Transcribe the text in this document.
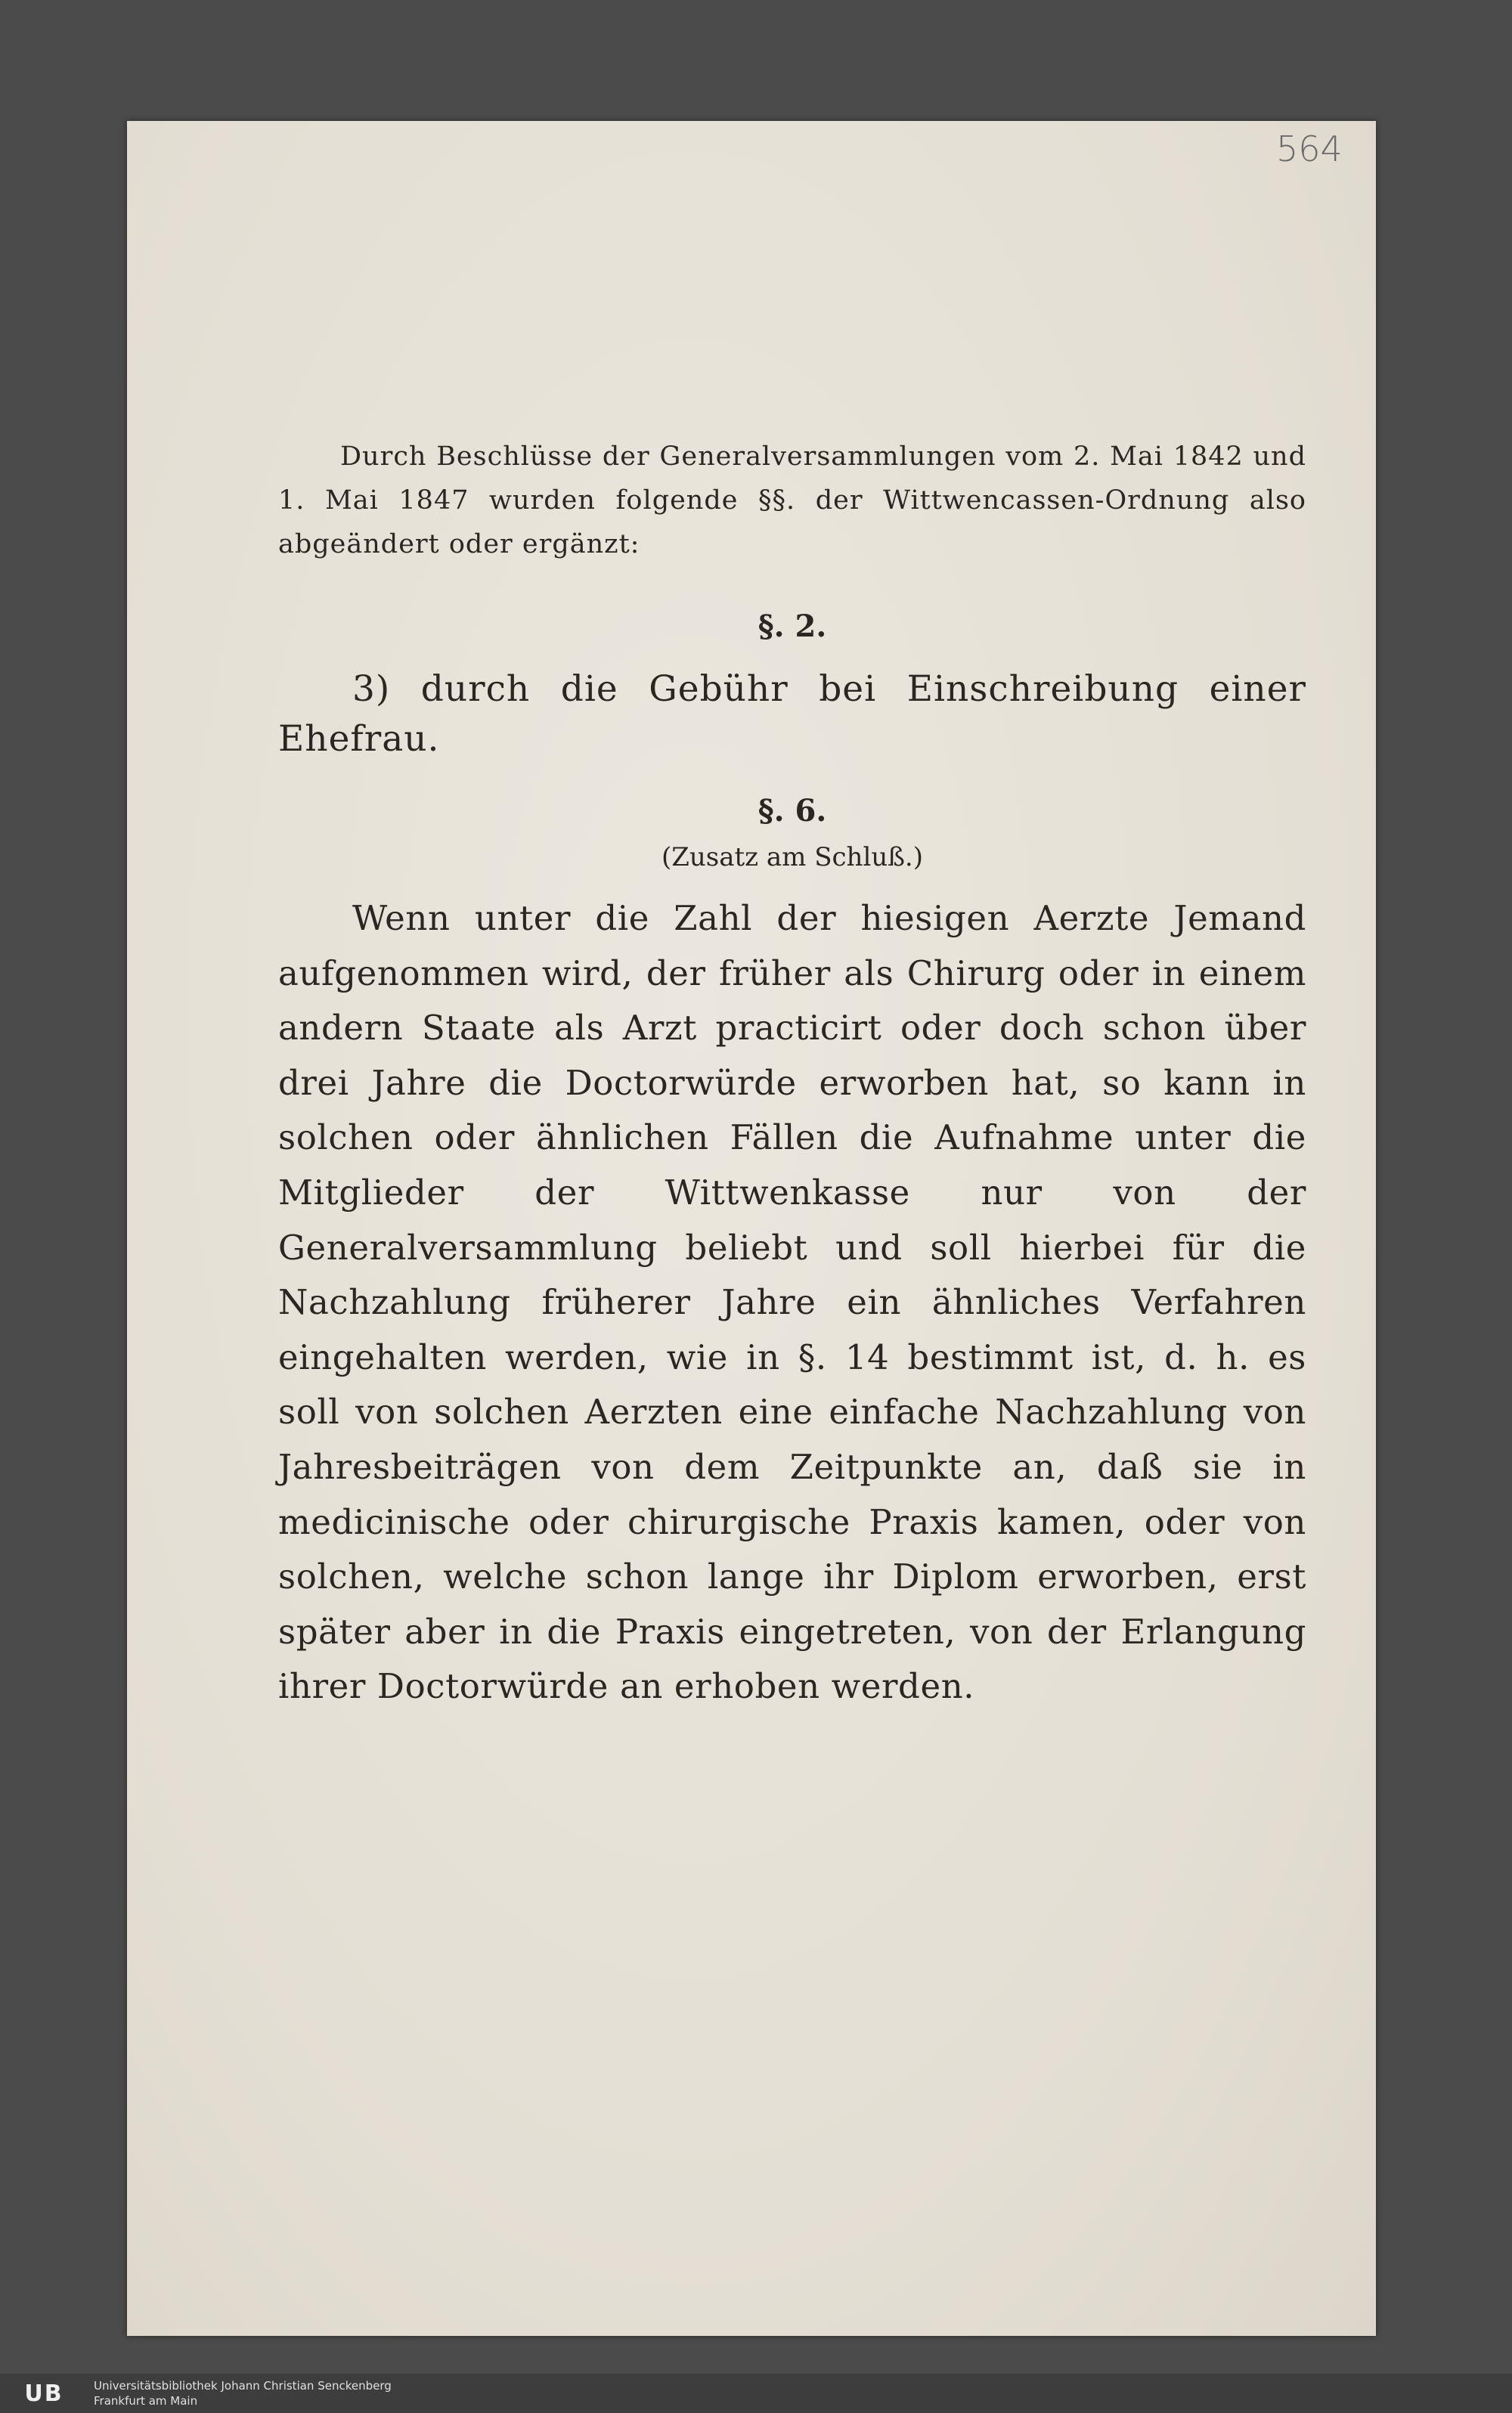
564

Durch Beschlüsse der Generalversammlungen vom 2. Mai 1842 und 1. Mai 1847 wurden folgende §§. der Wittwencassen-Ordnung also abgeändert oder ergänzt:

§. 2.

3) durch die Gebühr bei Einschreibung einer Ehefrau.

§. 6.

(Zusatz am Schluß.)

Wenn unter die Zahl der hiesigen Aerzte Jemand aufgenommen wird, der früher als Chirurg oder in einem andern Staate als Arzt practicirt oder doch schon über drei Jahre die Doctorwürde erworben hat, so kann in solchen oder ähnlichen Fällen die Aufnahme unter die Mitglieder der Wittwenkasse nur von der Generalversammlung beliebt und soll hierbei für die Nachzahlung früherer Jahre ein ähnliches Verfahren eingehalten werden, wie in §. 14 bestimmt ist, d. h. es soll von solchen Aerzten eine einfache Nachzahlung von Jahresbeiträgen von dem Zeitpunkte an, daß sie in medicinische oder chirurgische Praxis kamen, oder von solchen, welche schon lange ihr Diplom erworben, erst später aber in die Praxis eingetreten, von der Erlangung ihrer Doctorwürde an erhoben werden.

UB	Universitätsbibliothek Johann Christian Senckenberg
Frankfurt am Main
